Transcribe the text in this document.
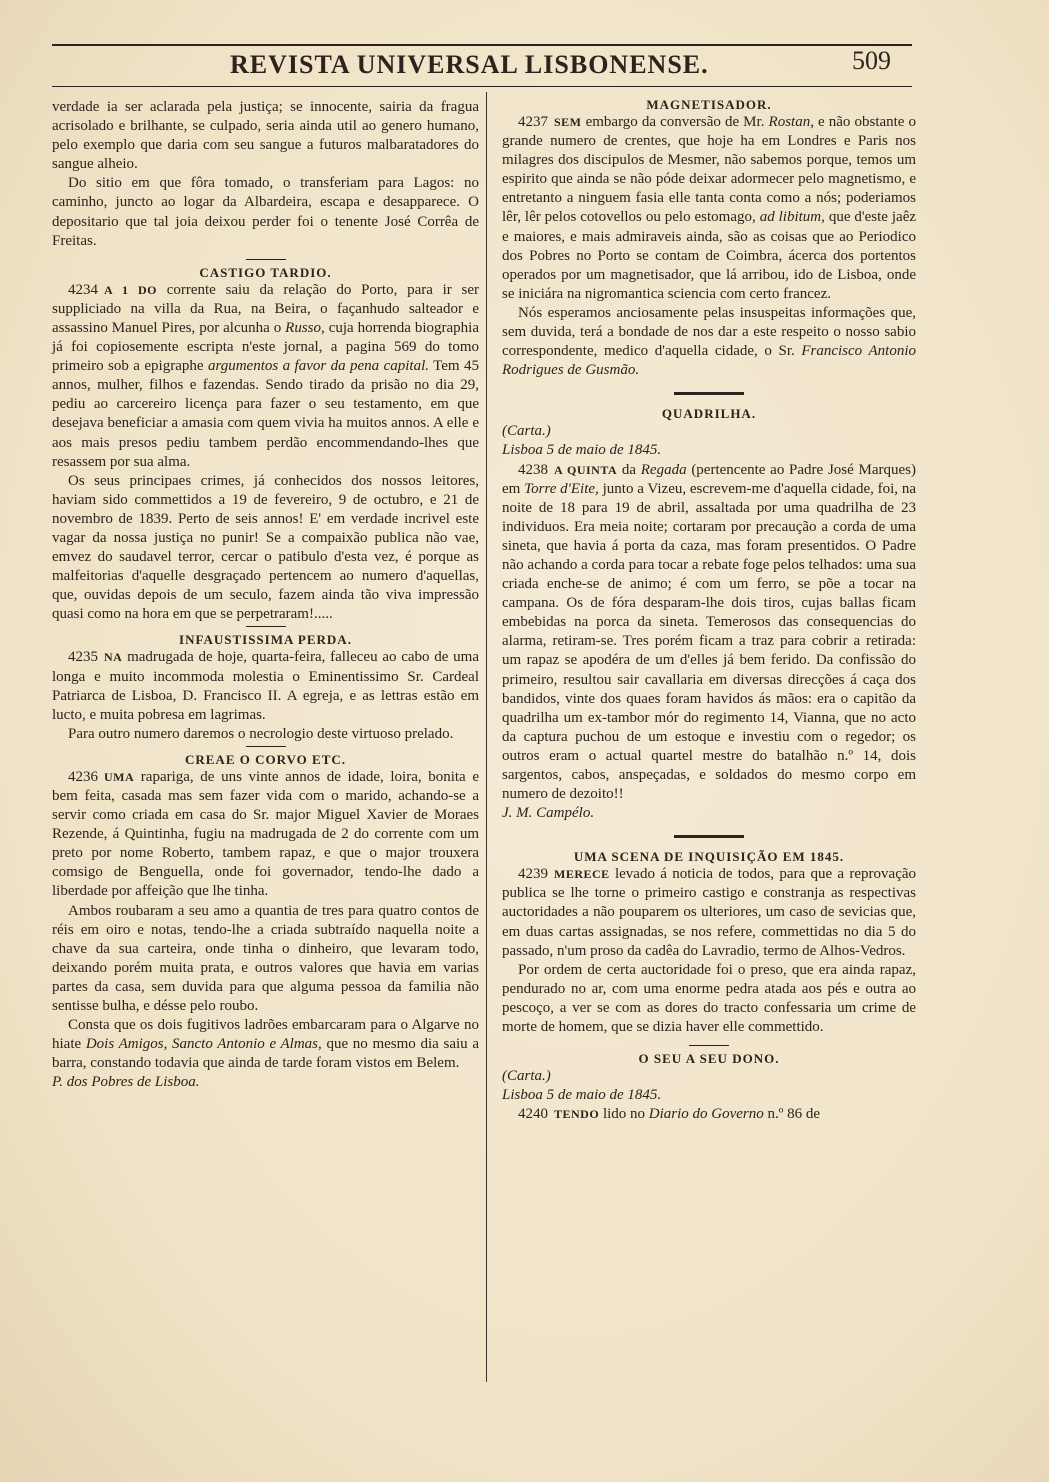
REVISTA UNIVERSAL LISBONENSE.	509

verdade ia ser aclarada pela justiça; se innocente, sairia da fragua acrisolado e brilhante, se culpado, seria ainda util ao genero humano, pelo exemplo que daria com seu sangue a futuros malbaratadores do sangue alheio.

Do sitio em que fôra tomado, o transferiam para Lagos: no caminho, juncto ao logar da Albardeira, escapa e desapparece. O depositario que tal joia deixou perder foi o tenente José Corrêa de Freitas.

CASTIGO TARDIO.

4234 A 1 DO corrente saiu da relação do Porto, para ir ser suppliciado na villa da Rua, na Beira, o façanhudo salteador e assassino Manuel Pires, por alcunha o Russo, cuja horrenda biographia já foi copiosemente escripta n'este jornal, a pagina 569 do tomo primeiro sob a epigraphe argumentos a favor da pena capital. Tem 45 annos, mulher, filhos e fazendas. Sendo tirado da prisão no dia 29, pediu ao carcereiro licença para fazer o seu testamento, em que desejava beneficiar a amasia com quem vivia ha muitos annos. A elle e aos mais presos pediu tambem perdão encommendando-lhes que resassem por sua alma.

Os seus principaes crimes, já conhecidos dos nossos leitores, haviam sido commettidos a 19 de fevereiro, 9 de octubro, e 21 de novembro de 1839. Perto de seis annos! E' em verdade incrivel este vagar da nossa justiça no punir! Se a compaixão publica não vae, emvez do saudavel terror, cercar o patibulo d'esta vez, é porque as malfeitorias d'aquelle desgraçado pertencem ao numero d'aquellas, que, ouvidas depois de um seculo, fazem ainda tão viva impressão quasi como na hora em que se perpetraram!.....

INFAUSTISSIMA PERDA.

4235 NA madrugada de hoje, quarta-feira, falleceu ao cabo de uma longa e muito incommoda molestia o Eminentissimo Sr. Cardeal Patriarca de Lisboa, D. Francisco II. A egreja, e as lettras estão em lucto, e muita pobresa em lagrimas.

Para outro numero daremos o necrologio deste virtuoso prelado.

CREAE O CORVO ETC.

4236 UMA rapariga, de uns vinte annos de idade, loira, bonita e bem feita, casada mas sem fazer vida com o marido, achando-se a servir como criada em casa do Sr. major Miguel Xavier de Moraes Rezende, á Quintinha, fugiu na madrugada de 2 do corrente com um preto por nome Roberto, tambem rapaz, e que o major trouxera comsigo de Benguella, onde foi governador, tendo-lhe dado a liberdade por affeição que lhe tinha.

Ambos roubaram a seu amo a quantia de tres para quatro contos de réis em oiro e notas, tendo-lhe a criada subtraído naquella noite a chave da sua carteira, onde tinha o dinheiro, que levaram todo, deixando porém muita prata, e outros valores que havia em varias partes da casa, sem duvida para que alguma pessoa da familia não sentisse bulha, e désse pelo roubo.

Consta que os dois fugitivos ladrões embarcaram para o Algarve no hiate Dois Amigos, Sancto Antonio e Almas, que no mesmo dia saiu a barra, constando todavia que ainda de tarde foram vistos em Belem.

P. dos Pobres de Lisboa.

MAGNETISADOR.

4237 SEM embargo da conversão de Mr. Rostan, e não obstante o grande numero de crentes, que hoje ha em Londres e Paris nos milagres dos discipulos de Mesmer, não sabemos porque, temos um espirito que ainda se não póde deixar adormecer pelo magnetismo, e entretanto a ninguem fasia elle tanta conta como a nós; poderiamos lêr, lêr pelos cotovellos ou pelo estomago, ad libitum, que d'este jaêz e maiores, e mais admiraveis ainda, são as coisas que ao Periodico dos Pobres no Porto se contam de Coimbra, ácerca dos portentos operados por um magnetisador, que lá arribou, ido de Lisboa, onde se iniciára na nigromantica sciencia com certo francez.

Nós esperamos anciosamente pelas insuspeitas informações que, sem duvida, terá a bondade de nos dar a este respeito o nosso sabio correspondente, medico d'aquella cidade, o Sr. Francisco Antonio Rodrigues de Gusmão.

QUADRILHA.

(Carta.)

Lisboa 5 de maio de 1845.

4238 A QUINTA da Regada (pertencente ao Padre José Marques) em Torre d'Eite, junto a Vizeu, escrevem-me d'aquella cidade, foi, na noite de 18 para 19 de abril, assaltada por uma quadrilha de 23 individuos. Era meia noite; cortaram por precaução a corda de uma sineta, que havia á porta da caza, mas foram presentidos. O Padre não achando a corda para tocar a rebate foge pelos telhados: uma sua criada enche-se de animo; é com um ferro, se põe a tocar na campana. Os de fóra desparam-lhe dois tiros, cujas ballas ficam embebidas na porca da sineta. Temerosos das consequencias do alarma, retiram-se. Tres porém ficam a traz para cobrir a retirada: um rapaz se apodéra de um d'elles já bem ferido. Da confissão do primeiro, resultou sair cavallaria em diversas direcções á caça dos bandidos, vinte dos quaes foram havidos ás mãos: era o capitão da quadrilha um ex-tambor mór do regimento 14, Vianna, que no acto da captura puchou de um estoque e investiu com o regedor; os outros eram o actual quartel mestre do batalhão n.º 14, dois sargentos, cabos, anspeçadas, e soldados do mesmo corpo em numero de dezoito!!

J. M. Campélo.

UMA SCENA DE INQUISIÇÃO EM 1845.

4239 MERECE levado á noticia de todos, para que a reprovação publica se lhe torne o primeiro castigo e constranja as respectivas auctoridades a não pouparem os ulteriores, um caso de sevicias que, em duas cartas assignadas, se nos refere, commettidas no dia 5 do passado, n'um proso da cadêa do Lavradio, termo de Alhos-Vedros.

Por ordem de certa auctoridade foi o preso, que era ainda rapaz, pendurado no ar, com uma enorme pedra atada aos pés e outra ao pescoço, a ver se com as dores do tracto confessaria um crime de morte de homem, que se dizia haver elle commettido.

O SEU A SEU DONO.

(Carta.)

Lisboa 5 de maio de 1845.

4240 TENDO lido no Diario do Governo n.º 86 de
